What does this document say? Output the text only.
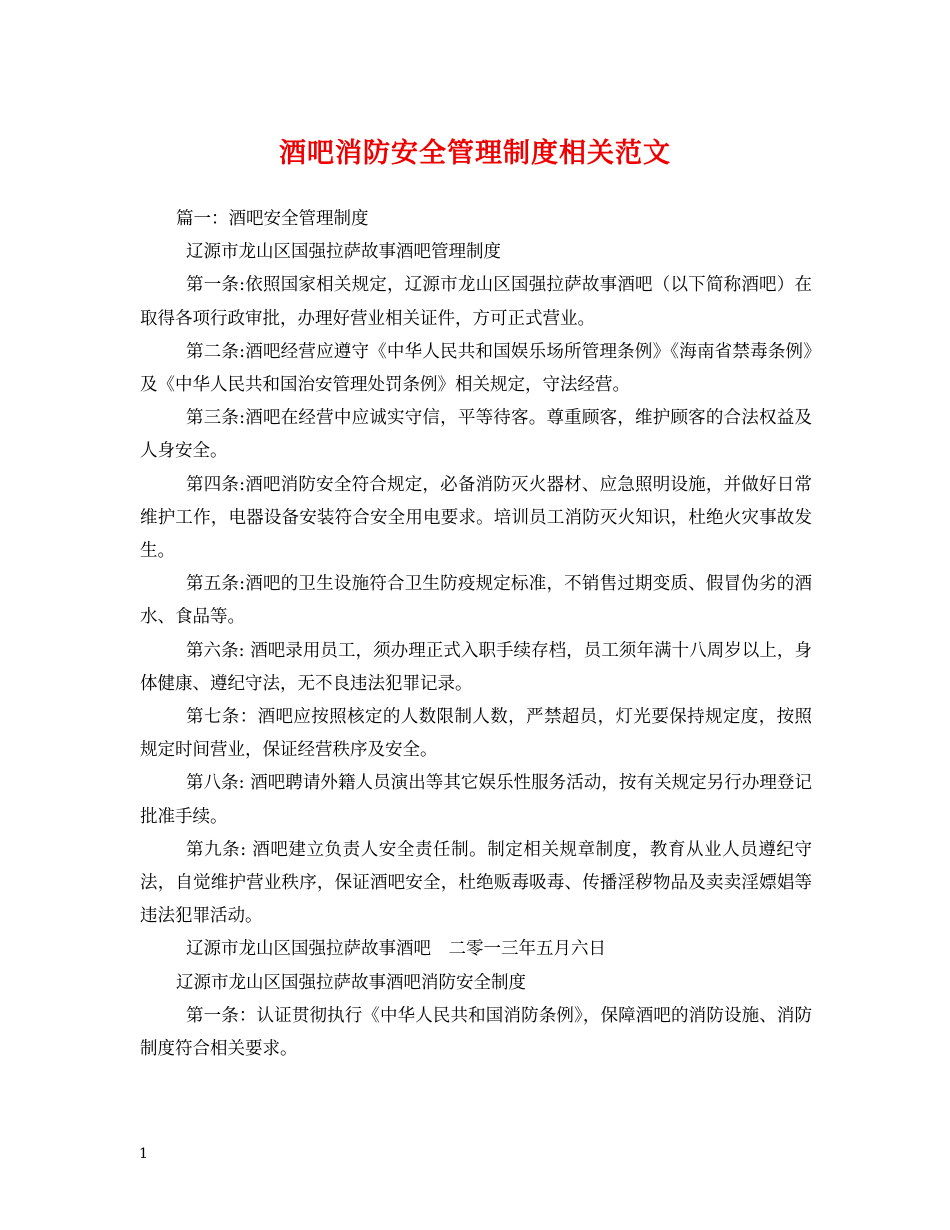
酒吧消防安全管理制度相关范文

篇一：酒吧安全管理制度

辽源市龙山区国强拉萨故事酒吧管理制度

第一条:依照国家相关规定，辽源市龙山区国强拉萨故事酒吧（以下简称酒吧）在取得各项行政审批，办理好营业相关证件，方可正式营业。

第二条:酒吧经营应遵守《中华人民共和国娱乐场所管理条例》《海南省禁毒条例》及《中华人民共和国治安管理处罚条例》相关规定，守法经营。

第三条:酒吧在经营中应诚实守信，平等待客。尊重顾客，维护顾客的合法权益及人身安全。

第四条:酒吧消防安全符合规定，必备消防灭火器材、应急照明设施，并做好日常维护工作，电器设备安装符合安全用电要求。培训员工消防灭火知识，杜绝火灾事故发生。

第五条:酒吧的卫生设施符合卫生防疫规定标准，不销售过期变质、假冒伪劣的酒水、食品等。

第六条: 酒吧录用员工，须办理正式入职手续存档，员工须年满十八周岁以上，身体健康、遵纪守法，无不良违法犯罪记录。

第七条：酒吧应按照核定的人数限制人数，严禁超员，灯光要保持规定度，按照规定时间营业，保证经营秩序及安全。

第八条: 酒吧聘请外籍人员演出等其它娱乐性服务活动，按有关规定另行办理登记批准手续。

第九条: 酒吧建立负责人安全责任制。制定相关规章制度，教育从业人员遵纪守法，自觉维护营业秩序，保证酒吧安全，杜绝贩毒吸毒、传播淫秽物品及卖卖淫嫖娼等违法犯罪活动。

辽源市龙山区国强拉萨故事酒吧　二零一三年五月六日

辽源市龙山区国强拉萨故事酒吧消防安全制度

第一条：认证贯彻执行《中华人民共和国消防条例》，保障酒吧的消防设施、消防制度符合相关要求。

1
